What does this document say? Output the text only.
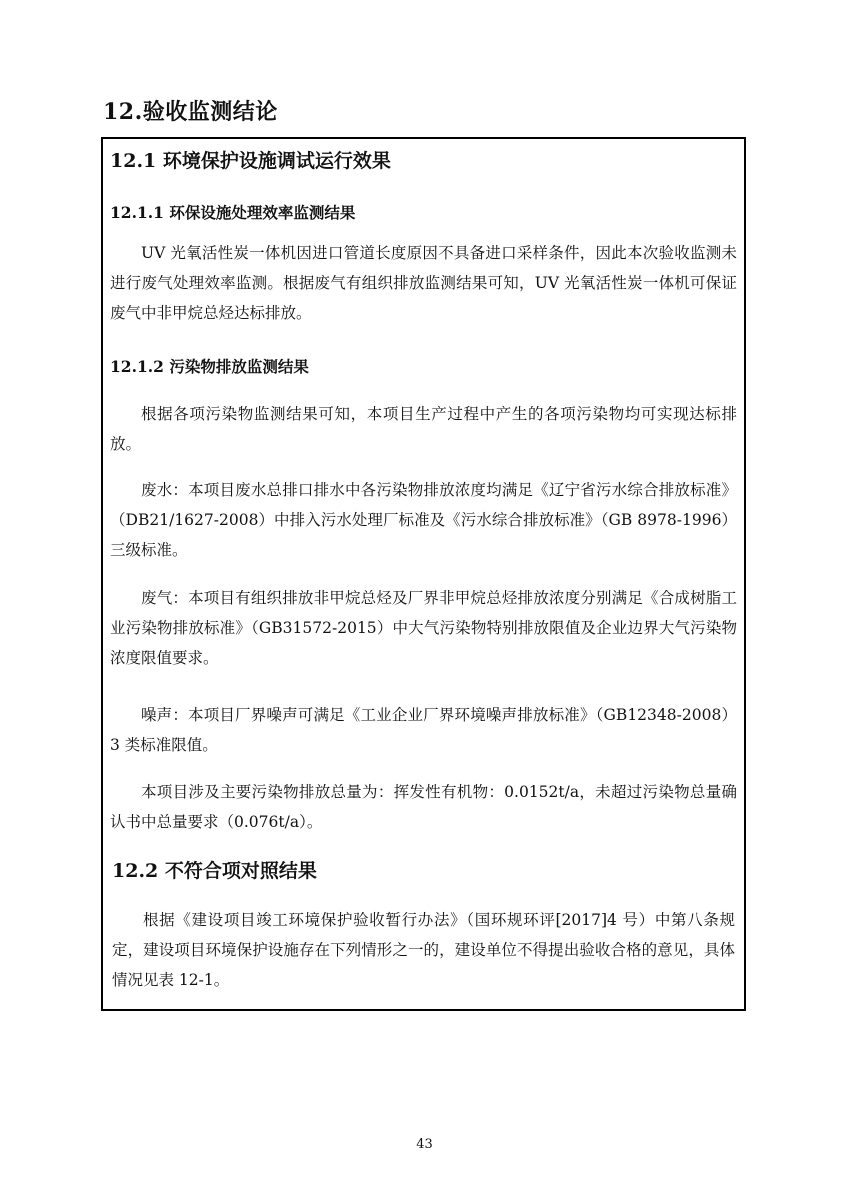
12.验收监测结论
12.1 环境保护设施调试运行效果
12.1.1 环保设施处理效率监测结果
UV 光氧活性炭一体机因进口管道长度原因不具备进口采样条件，因此本次验收监测未进行废气处理效率监测。根据废气有组织排放监测结果可知，UV 光氧活性炭一体机可保证废气中非甲烷总烃达标排放。
12.1.2 污染物排放监测结果
根据各项污染物监测结果可知，本项目生产过程中产生的各项污染物均可实现达标排放。
废水：本项目废水总排口排水中各污染物排放浓度均满足《辽宁省污水综合排放标准》（DB21/1627-2008）中排入污水处理厂标准及《污水综合排放标准》（GB 8978-1996）三级标准。
废气：本项目有组织排放非甲烷总烃及厂界非甲烷总烃排放浓度分别满足《合成树脂工业污染物排放标准》（GB31572-2015）中大气污染物特别排放限值及企业边界大气污染物浓度限值要求。
噪声：本项目厂界噪声可满足《工业企业厂界环境噪声排放标准》（GB12348-2008）3 类标准限值。
本项目涉及主要污染物排放总量为：挥发性有机物：0.0152t/a，未超过污染物总量确认书中总量要求（0.076t/a）。
12.2 不符合项对照结果
根据《建设项目竣工环境保护验收暂行办法》（国环规环评[2017]4 号）中第八条规定，建设项目环境保护设施存在下列情形之一的，建设单位不得提出验收合格的意见，具体情况见表 12-1。
43
